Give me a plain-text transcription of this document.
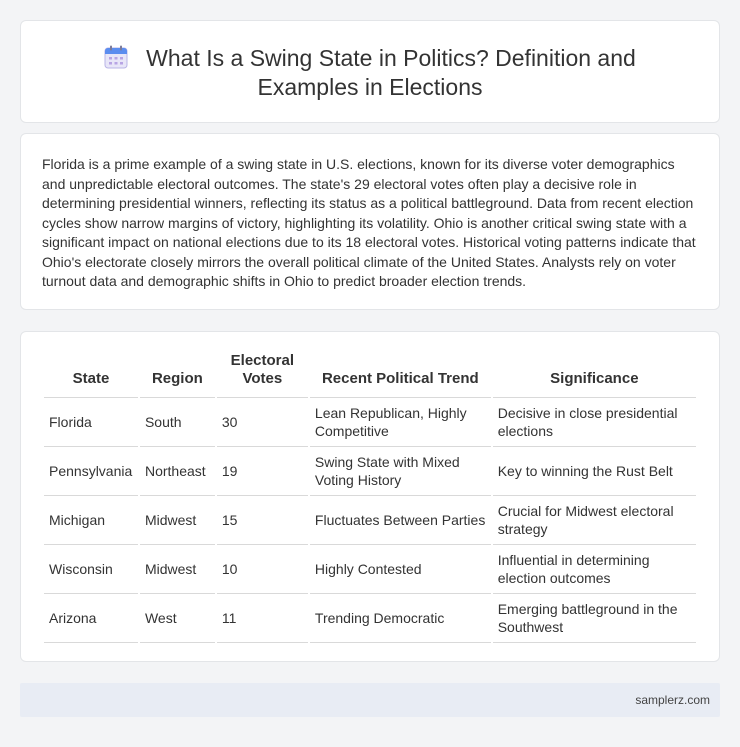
What Is a Swing State in Politics? Definition and
Examples in Elections

Florida is a prime example of a swing state in U.S. elections, known for its diverse voter demographics and unpredictable electoral outcomes. The state's 29 electoral votes often play a decisive role in determining presidential winners, reflecting its status as a political battleground. Data from recent election cycles show narrow margins of victory, highlighting its volatility. Ohio is another critical swing state with a significant impact on national elections due to its 18 electoral votes. Historical voting patterns indicate that Ohio's electorate closely mirrors the overall political climate of the United States. Analysts rely on voter turnout data and demographic shifts in Ohio to predict broader election trends.

State	Region	Electoral Votes	Recent Political Trend	Significance
Florida	South	30	Lean Republican, Highly Competitive	Decisive in close presidential elections
Pennsylvania	Northeast	19	Swing State with Mixed Voting History	Key to winning the Rust Belt
Michigan	Midwest	15	Fluctuates Between Parties	Crucial for Midwest electoral strategy
Wisconsin	Midwest	10	Highly Contested	Influential in determining election outcomes
Arizona	West	11	Trending Democratic	Emerging battleground in the Southwest
samplerz.com
